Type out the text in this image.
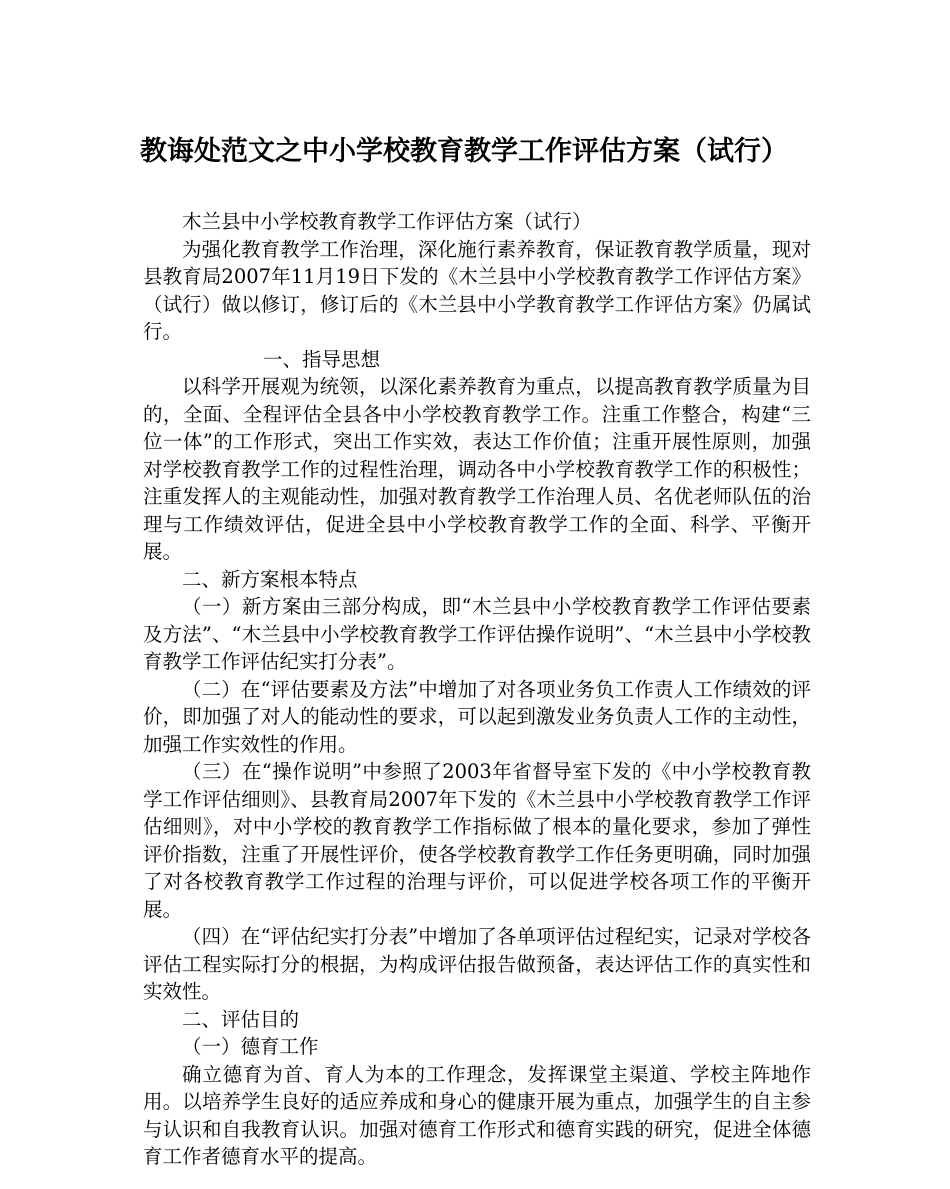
教诲处范文之中小学校教育教学工作评估方案（试行）

木兰县中小学校教育教学工作评估方案（试行）

为强化教育教学工作治理，深化施行素养教育，保证教育教学质量，现对县教育局2007年11月19日下发的《木兰县中小学校教育教学工作评估方案》（试行）做以修订，修订后的《木兰县中小学教育教学工作评估方案》仍属试行。

一、指导思想

以科学开展观为统领，以深化素养教育为重点，以提高教育教学质量为目的，全面、全程评估全县各中小学校教育教学工作。注重工作整合，构建“三位一体”的工作形式，突出工作实效，表达工作价值；注重开展性原则，加强对学校教育教学工作的过程性治理，调动各中小学校教育教学工作的积极性；注重发挥人的主观能动性，加强对教育教学工作治理人员、名优老师队伍的治理与工作绩效评估，促进全县中小学校教育教学工作的全面、科学、平衡开展。

二、新方案根本特点

（一）新方案由三部分构成，即“木兰县中小学校教育教学工作评估要素及方法”、“木兰县中小学校教育教学工作评估操作说明”、“木兰县中小学校教育教学工作评估纪实打分表”。

（二）在“评估要素及方法”中增加了对各项业务负工作责人工作绩效的评价，即加强了对人的能动性的要求，可以起到激发业务负责人工作的主动性，加强工作实效性的作用。

（三）在“操作说明”中参照了2003年省督导室下发的《中小学校教育教学工作评估细则》、县教育局2007年下发的《木兰县中小学校教育教学工作评估细则》，对中小学校的教育教学工作指标做了根本的量化要求，参加了弹性评价指数，注重了开展性评价，使各学校教育教学工作任务更明确，同时加强了对各校教育教学工作过程的治理与评价，可以促进学校各项工作的平衡开展。

（四）在“评估纪实打分表”中增加了各单项评估过程纪实，记录对学校各评估工程实际打分的根据，为构成评估报告做预备，表达评估工作的真实性和实效性。

二、评估目的

（一）德育工作

确立德育为首、育人为本的工作理念，发挥课堂主渠道、学校主阵地作用。以培养学生良好的适应养成和身心的健康开展为重点，加强学生的自主参与认识和自我教育认识。加强对德育工作形式和德育实践的研究，促进全体德育工作者德育水平的提高。
